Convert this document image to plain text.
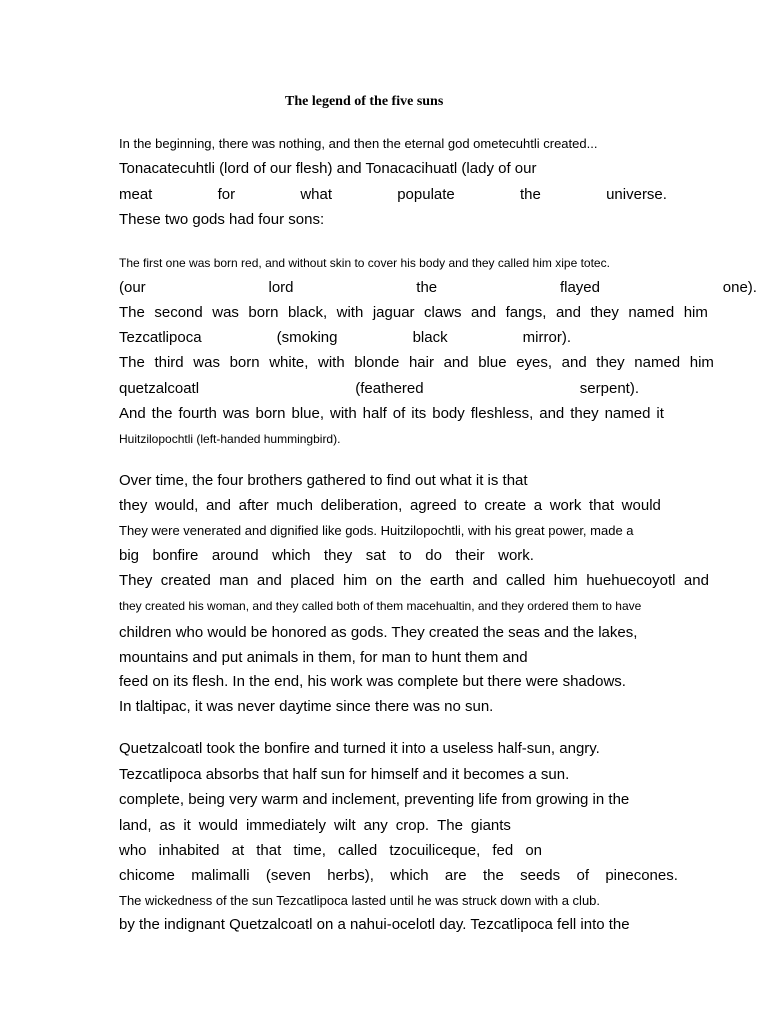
The legend of the five suns
In the beginning, there was nothing, and then the eternal god ometecuhtli created...
Tonacatecuhtli (lord of our flesh) and Tonacacihuatl (lady of our
meat	for	what	populate	the	universe.
These two gods had four sons:
The first one was born red, and without skin to cover his body and they called him xipe totec.
(our	lord	the	flayed	one).
The second was born black, with jaguar claws and fangs, and they named him
Tezcatlipoca	(smoking	black	mirror).
The third was born white, with blonde hair and blue eyes, and they named him
quetzalcoatl	(feathered	serpent).
And the fourth was born blue, with half of its body fleshless, and they named it
Huitzilopochtli (left-handed hummingbird).
Over time, the four brothers gathered to find out what it is that
they would, and after much deliberation, agreed to create a work that would
They were venerated and dignified like gods. Huitzilopochtli, with his great power, made a
big bonfire around which they sat to do their work.
They created man and placed him on the earth and called him huehuecoyotl and
they created his woman, and they called both of them macehualtin, and they ordered them to have
children who would be honored as gods. They created the seas and the lakes,
mountains and put animals in them, for man to hunt them and
feed on its flesh. In the end, his work was complete but there were shadows.
In tlaltipac, it was never daytime since there was no sun.
Quetzalcoatl took the bonfire and turned it into a useless half-sun, angry.
Tezcatlipoca absorbs that half sun for himself and it becomes a sun.
complete, being very warm and inclement, preventing life from growing in the
land, as it would immediately wilt any crop. The giants
who inhabited at that time, called tzocuiliceque, fed on
chicome malimalli (seven herbs), which are the seeds of pinecones.
The wickedness of the sun Tezcatlipoca lasted until he was struck down with a club.
by the indignant Quetzalcoatl on a nahui-ocelotl day. Tezcatlipoca fell into the
